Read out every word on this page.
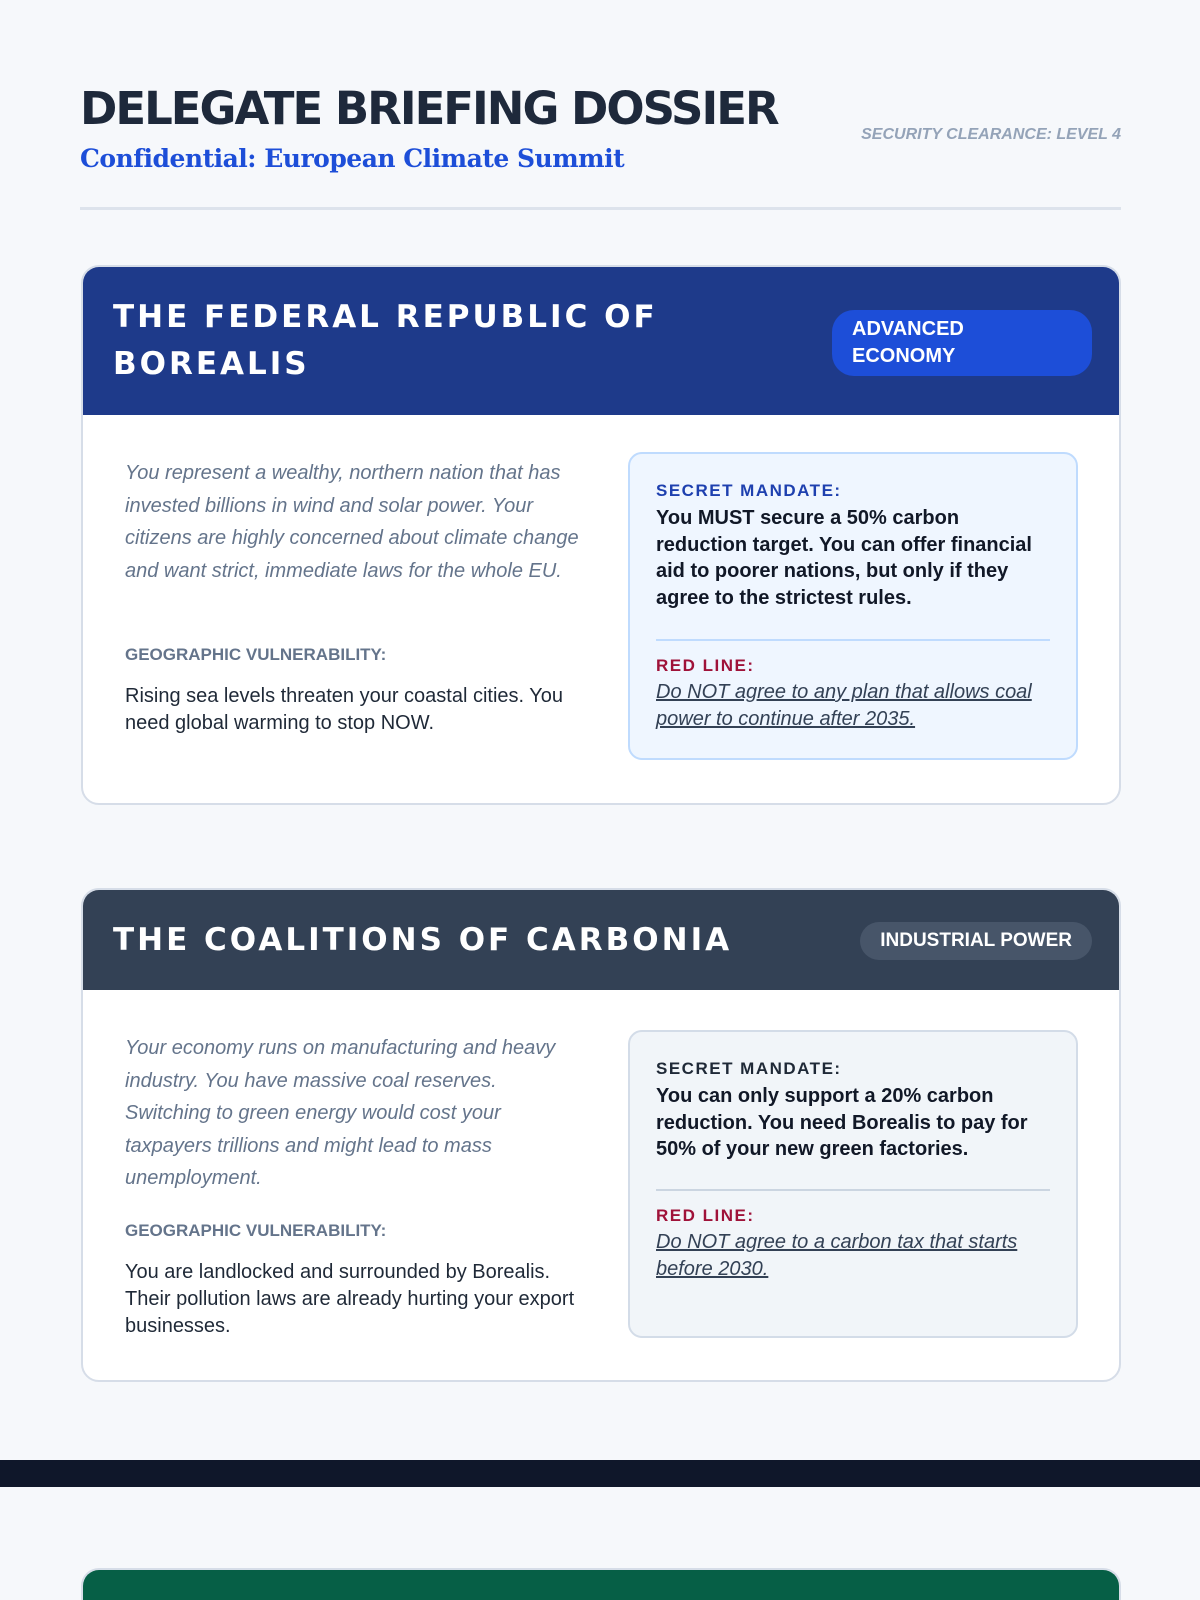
DELEGATE BRIEFING DOSSIER
Confidential: European Climate Summit
SECURITY CLEARANCE: LEVEL 4
THE FEDERAL REPUBLIC OF BOREALIS
ADVANCED ECONOMY

You represent a wealthy, northern nation that has invested billions in wind and solar power. Your citizens are highly concerned about climate change and want strict, immediate laws for the whole EU.

GEOGRAPHIC VULNERABILITY:

Rising sea levels threaten your coastal cities. You need global warming to stop NOW.

SECRET MANDATE:

You MUST secure a 50% carbon reduction target. You can offer financial aid to poorer nations, but only if they agree to the strictest rules.

RED LINE:

Do NOT agree to any plan that allows coal power to continue after 2035.

THE COALITIONS OF CARBONIA	INDUSTRIAL POWER

Your economy runs on manufacturing and heavy industry. You have massive coal reserves. Switching to green energy would cost your taxpayers trillions and might lead to mass unemployment.

GEOGRAPHIC VULNERABILITY:

You are landlocked and surrounded by Borealis. Their pollution laws are already hurting your export businesses.

SECRET MANDATE:

You can only support a 20% carbon reduction. You need Borealis to pay for 50% of your new green factories.

RED LINE:

Do NOT agree to a carbon tax that starts before 2030.
